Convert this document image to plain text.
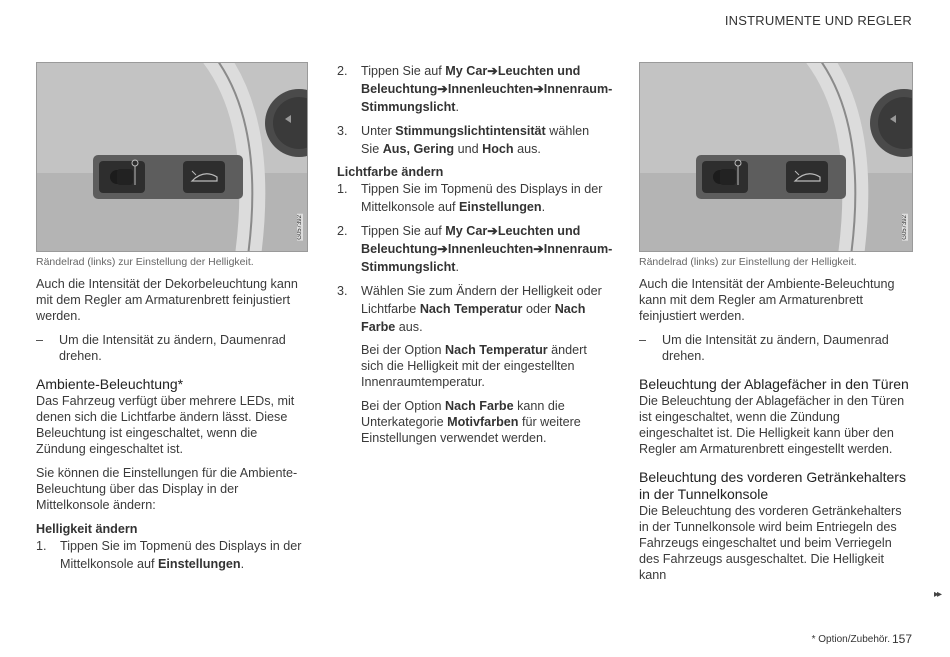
INSTRUMENTE UND REGLER
G057392
Rändelrad (links) zur Einstellung der Helligkeit.

Auch die Intensität der Dekorbeleuchtung kann mit dem Regler am Armaturenbrett feinjustiert werden.

–	Um die Intensität zu ändern, Daumenrad drehen.
Ambiente-Beleuchtung*

Das Fahrzeug verfügt über mehrere LEDs, mit denen sich die Lichtfarbe ändern lässt. Diese Beleuchtung ist eingeschaltet, wenn die Zündung eingeschaltet ist.

Sie können die Einstellungen für die Ambiente-Beleuchtung über das Display in der Mittelkonsole ändern:

Helligkeit ändern
1.	Tippen Sie im Topmenü des Displays in der Mittelkonsole auf Einstellungen.
2.	Tippen Sie auf My Car➔Leuchten und Beleuchtung➔Innenleuchten➔Innenraum-Stimmungslicht.
3.	Unter Stimmungslichtintensität wählen Sie Aus, Gering und Hoch aus.
Lichtfarbe ändern
1.	Tippen Sie im Topmenü des Displays in der Mittelkonsole auf Einstellungen.
2.	Tippen Sie auf My Car➔Leuchten und Beleuchtung➔Innenleuchten➔Innenraum-Stimmungslicht.
3.	Wählen Sie zum Ändern der Helligkeit oder Lichtfarbe Nach Temperatur oder Nach Farbe aus.

Bei der Option Nach Temperatur ändert sich die Helligkeit mit der eingestellten Innenraumtemperatur.

Bei der Option Nach Farbe kann die Unterkategorie Motivfarben für weitere Einstellungen verwendet werden.

G057392
Rändelrad (links) zur Einstellung der Helligkeit.

Auch die Intensität der Ambiente-Beleuchtung kann mit dem Regler am Armaturenbrett feinjustiert werden.

–	Um die Intensität zu ändern, Daumenrad drehen.
Beleuchtung der Ablagefächer in den Türen

Die Beleuchtung der Ablagefächer in den Türen ist eingeschaltet, wenn die Zündung eingeschaltet ist. Die Helligkeit kann über den Regler am Armaturenbrett eingestellt werden.

Beleuchtung des vorderen Getränkehalters in der Tunnelkonsole

Die Beleuchtung des vorderen Getränkehalters in der Tunnelkonsole wird beim Entriegeln des Fahrzeugs eingeschaltet und beim Verriegeln des Fahrzeugs ausgeschaltet. Die Helligkeit kann

▸▸
* Option/Zubehör. 157
